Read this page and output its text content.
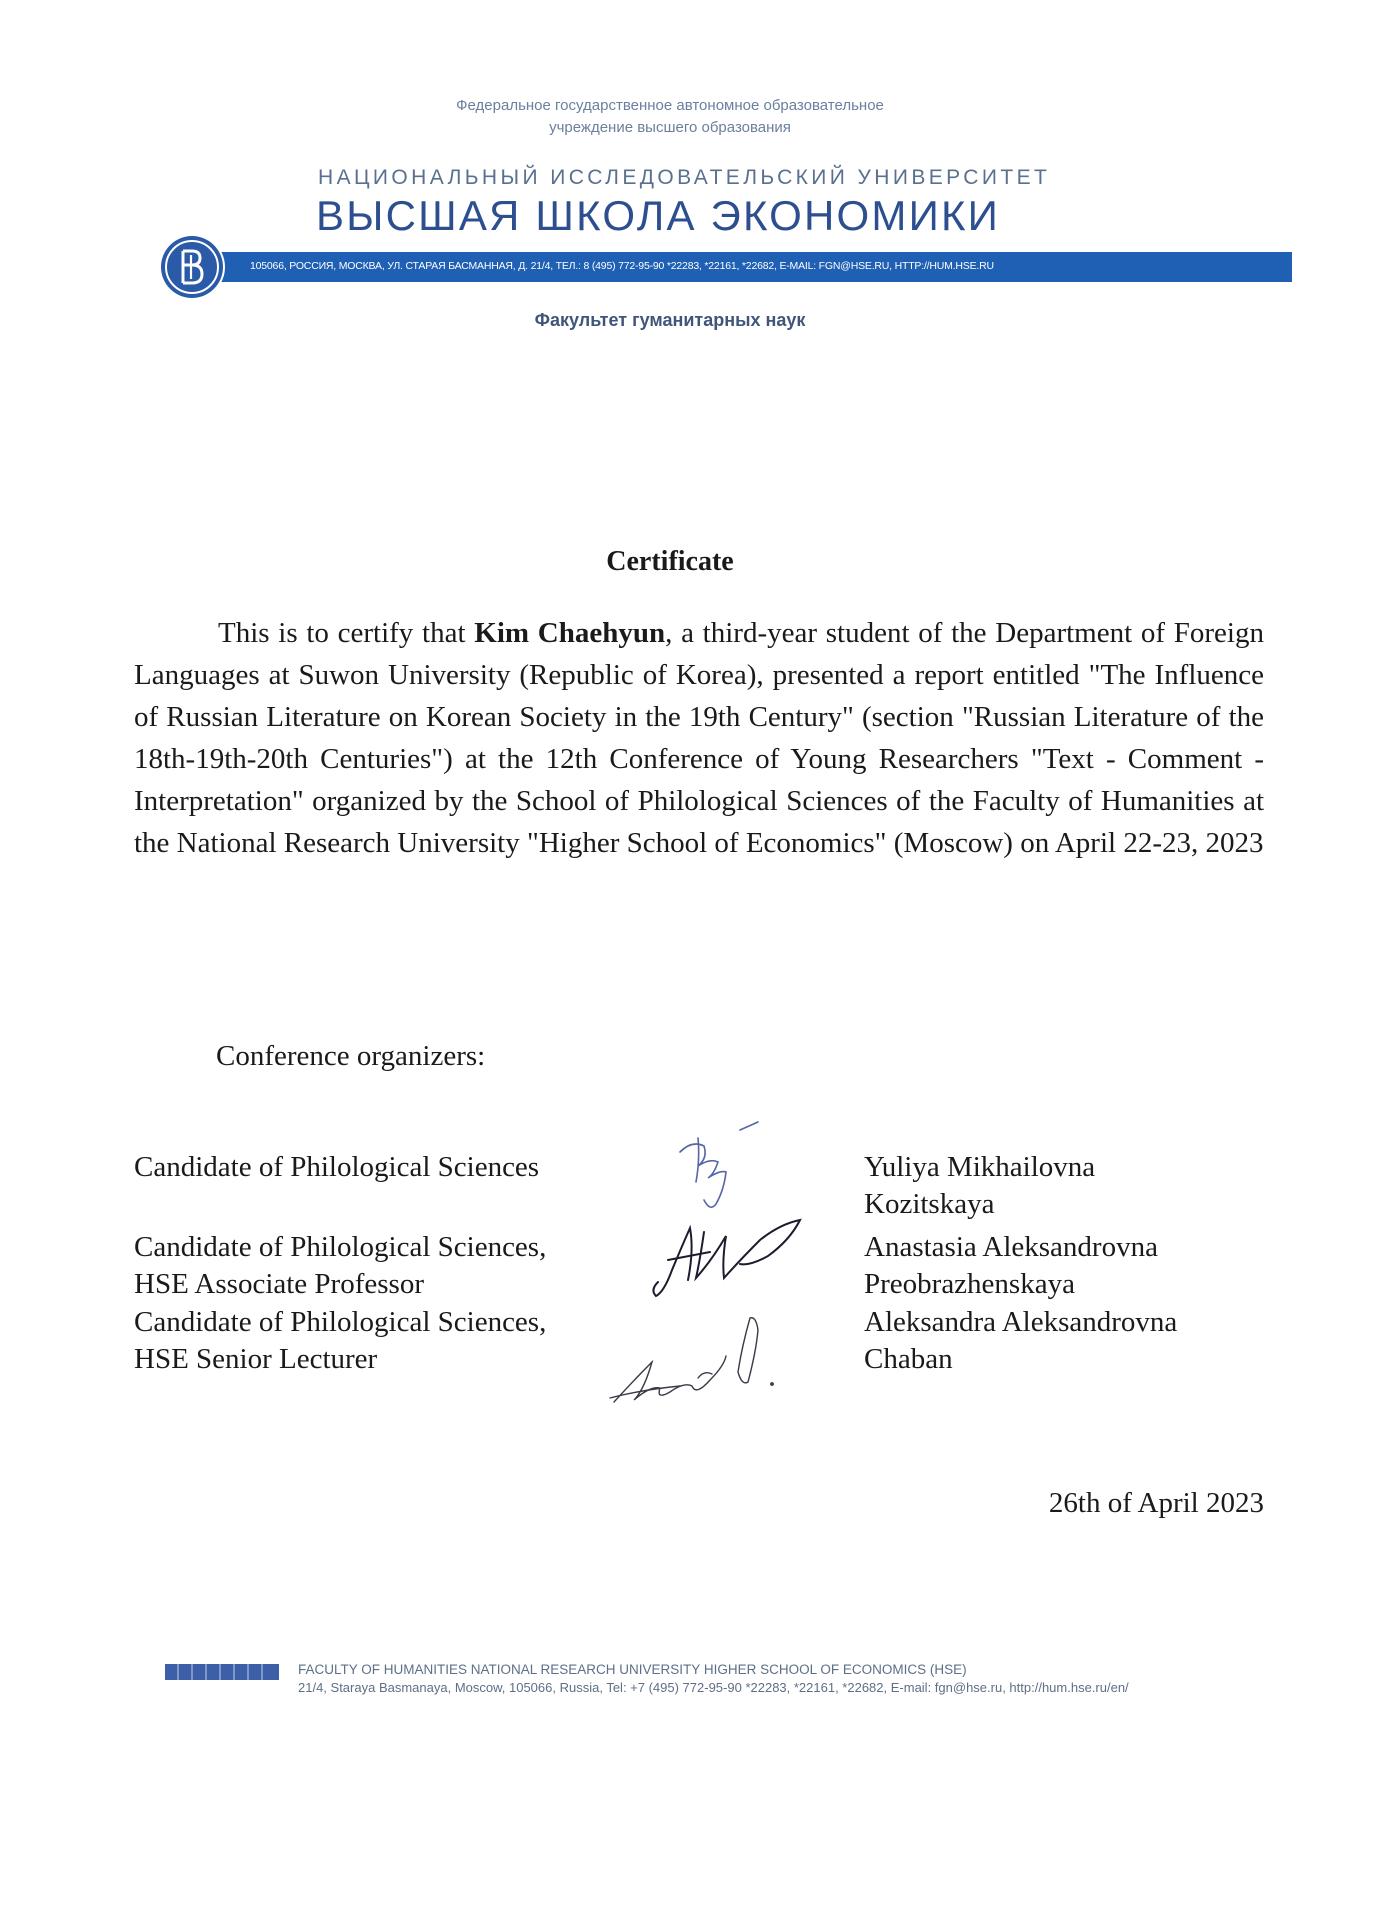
Федеральное государственное автономное образовательное
учреждение высшего образования
НАЦИОНАЛЬНЫЙ ИССЛЕДОВАТЕЛЬСКИЙ УНИВЕРСИТЕТ
ВЫСШАЯ ШКОЛА ЭКОНОМИКИ
105066, РОССИЯ, МОСКВА, УЛ. СТАРАЯ БАСМАННАЯ, Д. 21/4, ТЕЛ.: 8 (495) 772-95-90 *22283, *22161, *22682, E-MAIL: FGN@HSE.RU, HTTP://HUM.HSE.RU
Факультет гуманитарных наук
Certificate
This is to certify that Kim Chaehyun, a third-year student of the Department of Foreign Languages at Suwon University (Republic of Korea), presented a report entitled "The Influence of Russian Literature on Korean Society in the 19th Century" (section "Russian Literature of the 18th-19th-20th Centuries") at the 12th Conference of Young Researchers "Text - Comment - Interpretation" organized by the School of Philological Sciences of the Faculty of Humanities at the National Research University "Higher School of Economics" (Moscow) on April 22-23, 2023
Conference organizers:
Candidate of Philological Sciences	Yuliya Mikhailovna
Kozitskaya
Candidate of Philological Sciences,
HSE Associate Professor
Anastasia Aleksandrovna
Preobrazhenskaya
Candidate of Philological Sciences,
HSE Senior Lecturer
Aleksandra Aleksandrovna
Chaban
26th of April 2023
FACULTY OF HUMANITIES NATIONAL RESEARCH UNIVERSITY HIGHER SCHOOL OF ECONOMICS (HSE)
21/4, Staraya Basmanaya, Moscow, 105066, Russia, Tel: +7 (495) 772-95-90 *22283, *22161, *22682, E-mail: fgn@hse.ru, http://hum.hse.ru/en/
